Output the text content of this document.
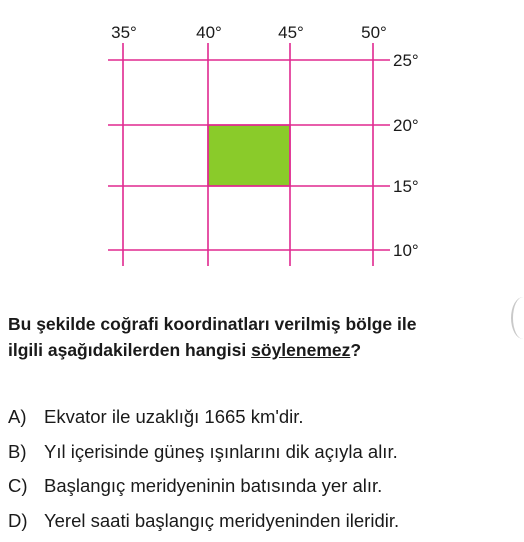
35°	40°	45°	50°
25°
20°
15°
10°
Bu şekilde coğrafi koordinatları verilmiş bölge ile
ilgili aşağıdakilerden hangisi söylenemez?
A) Ekvator ile uzaklığı 1665 km'dir.
B) Yıl içerisinde güneş ışınlarını dik açıyla alır.
C) Başlangıç meridyeninin batısında yer alır.
D) Yerel saati başlangıç meridyeninden ileridir.
